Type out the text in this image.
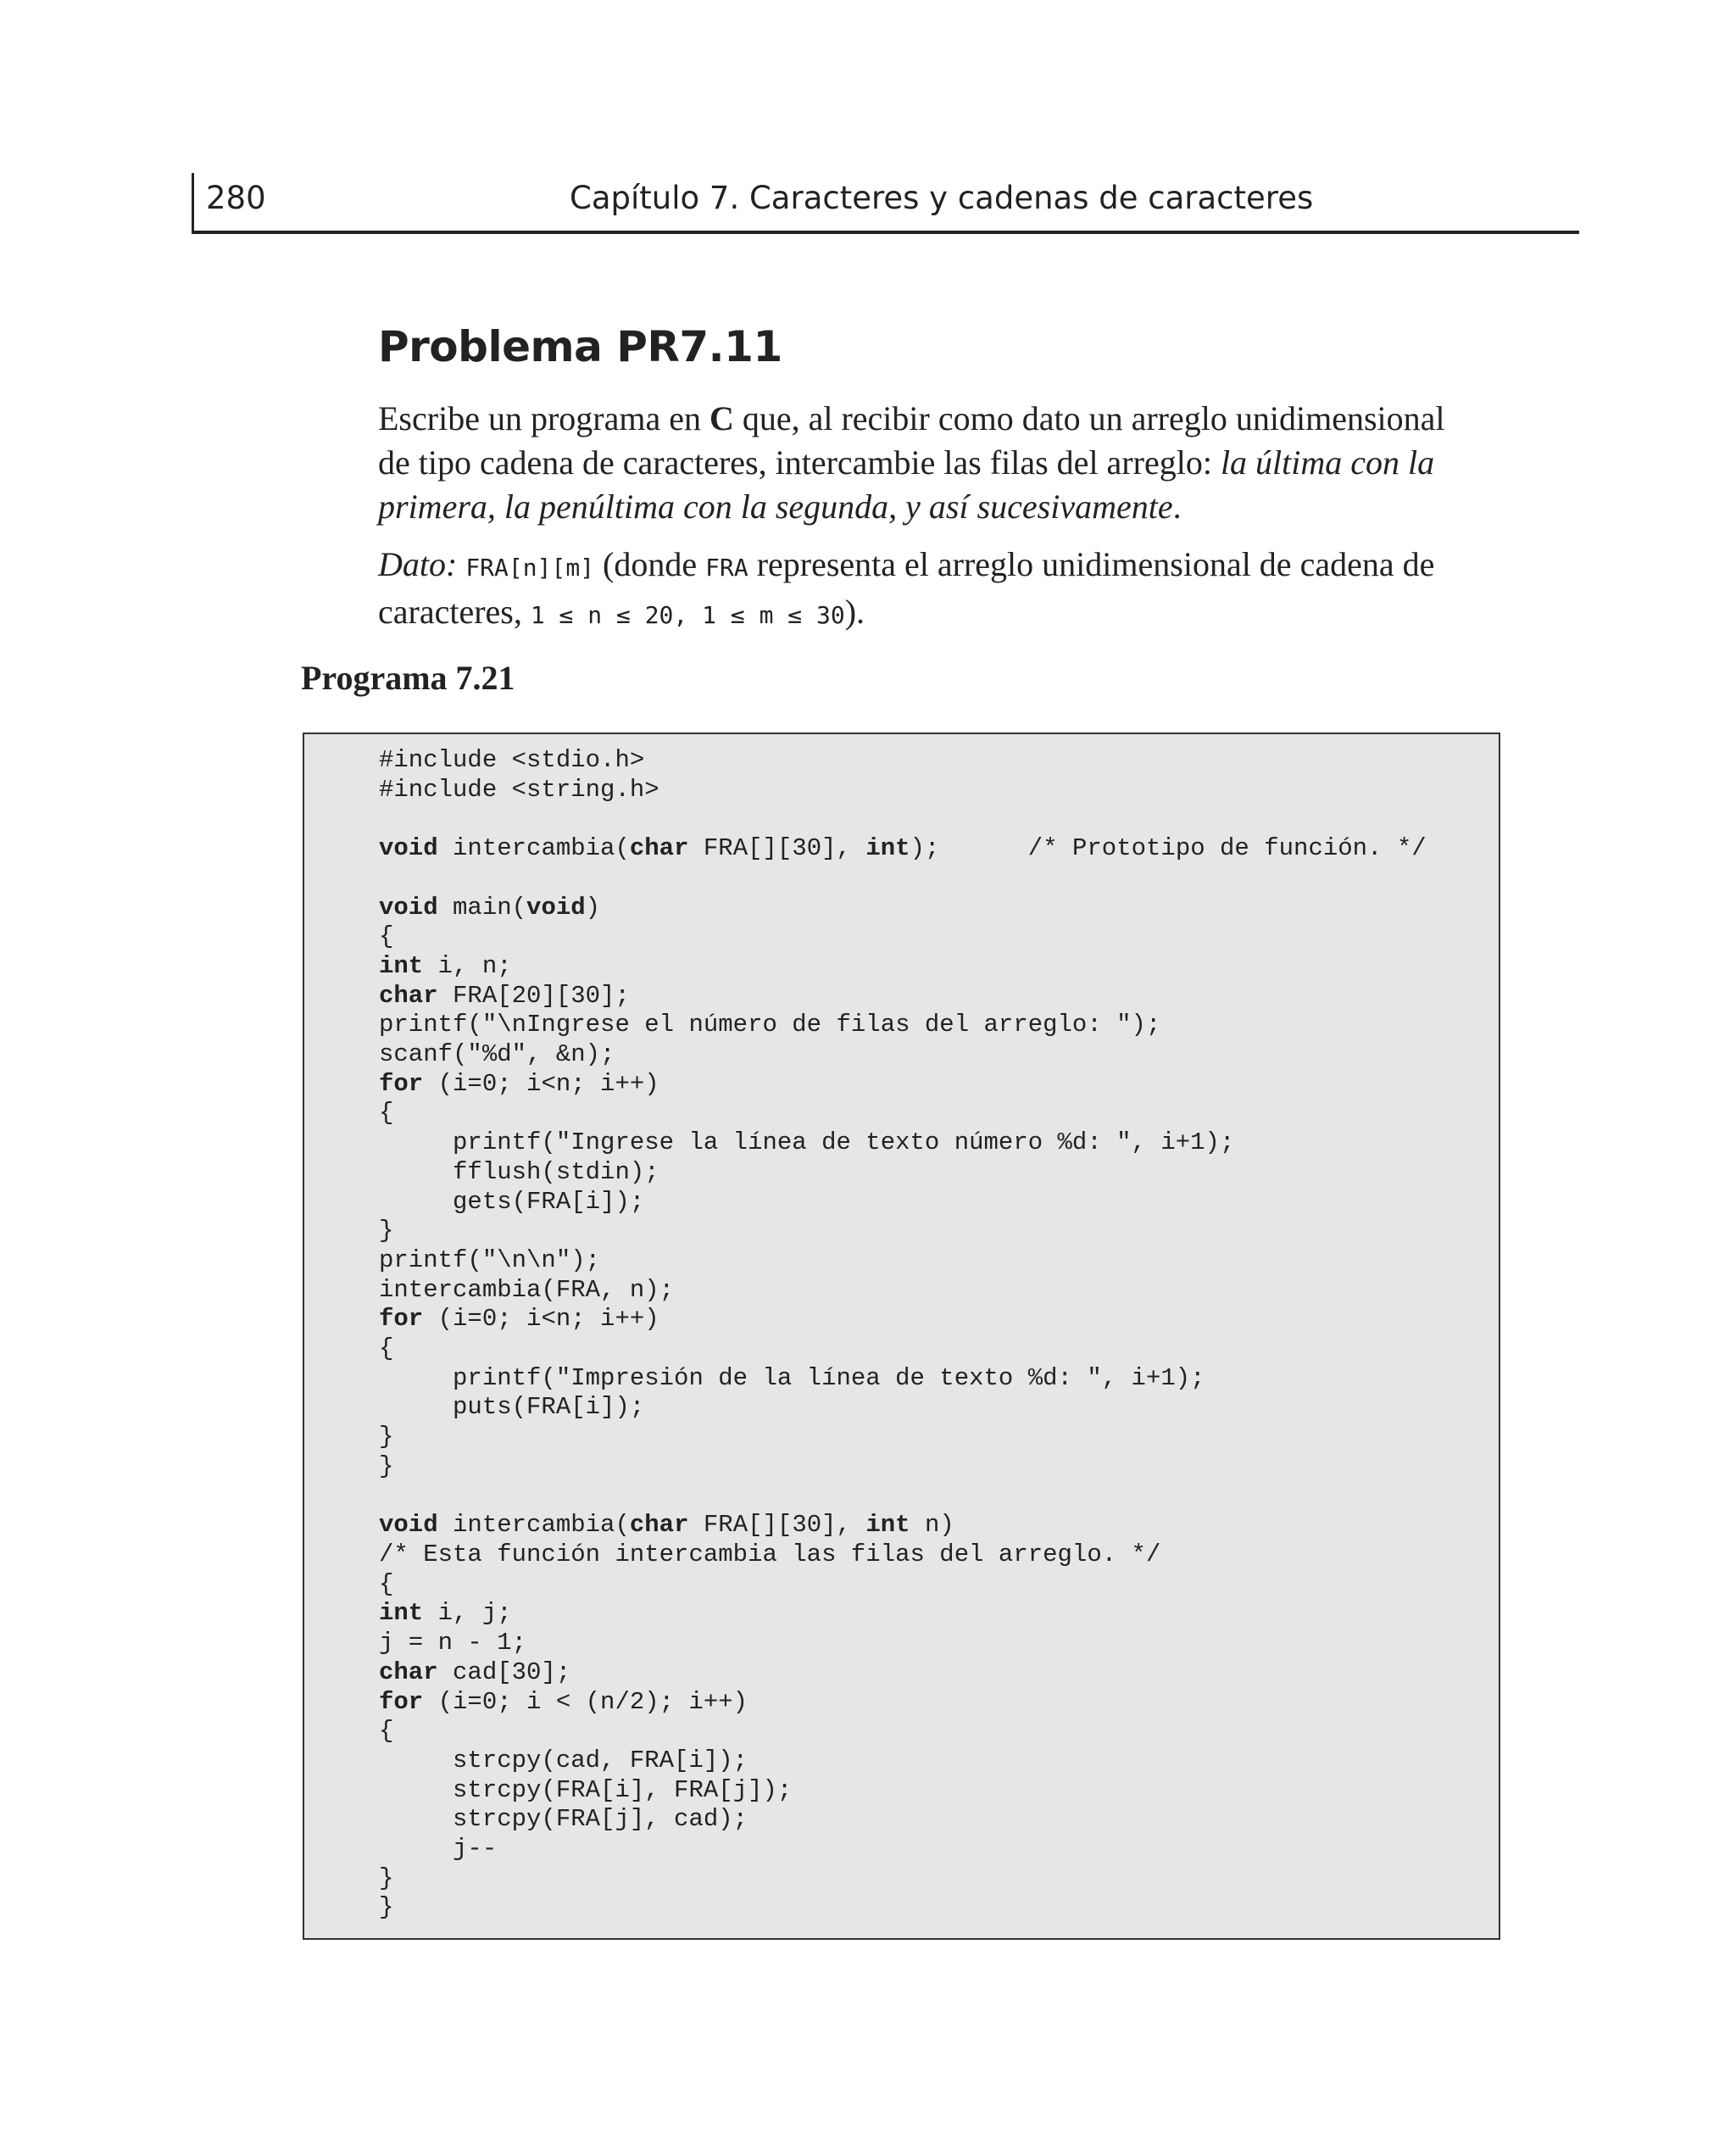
280	Capítulo 7. Caracteres y cadenas de caracteres
Problema PR7.11

Escribe un programa en C que, al recibir como dato un arreglo unidimensional de tipo cadena de caracteres, intercambie las filas del arreglo: la última con la primera, la penúltima con la segunda, y así sucesivamente.

Dato: FRA[n][m] (donde FRA representa el arreglo unidimensional de cadena de caracteres, 1 ≤ n ≤ 20, 1 ≤ m ≤ 30).

Programa 7.21

#include <stdio.h>
#include <string.h>

void intercambia(char FRA[][30], int);      /* Prototipo de función. */

void main(void)
{
int i, n;
char FRA[20][30];
printf("\nIngrese el número de filas del arreglo: ");
scanf("%d", &n);
for (i=0; i<n; i++)
{
printf("Ingrese la línea de texto número %d: ", i+1);
fflush(stdin);
gets(FRA[i]);
}
printf("\n\n");
intercambia(FRA, n);
for (i=0; i<n; i++)
{
printf("Impresión de la línea de texto %d: ", i+1);
puts(FRA[i]);
}
}

void intercambia(char FRA[][30], int n)
/* Esta función intercambia las filas del arreglo. */
{
int i, j;
j = n - 1;
char cad[30];
for (i=0; i < (n/2); i++)
{
strcpy(cad, FRA[i]);
strcpy(FRA[i], FRA[j]);
strcpy(FRA[j], cad);
j--
}
}
